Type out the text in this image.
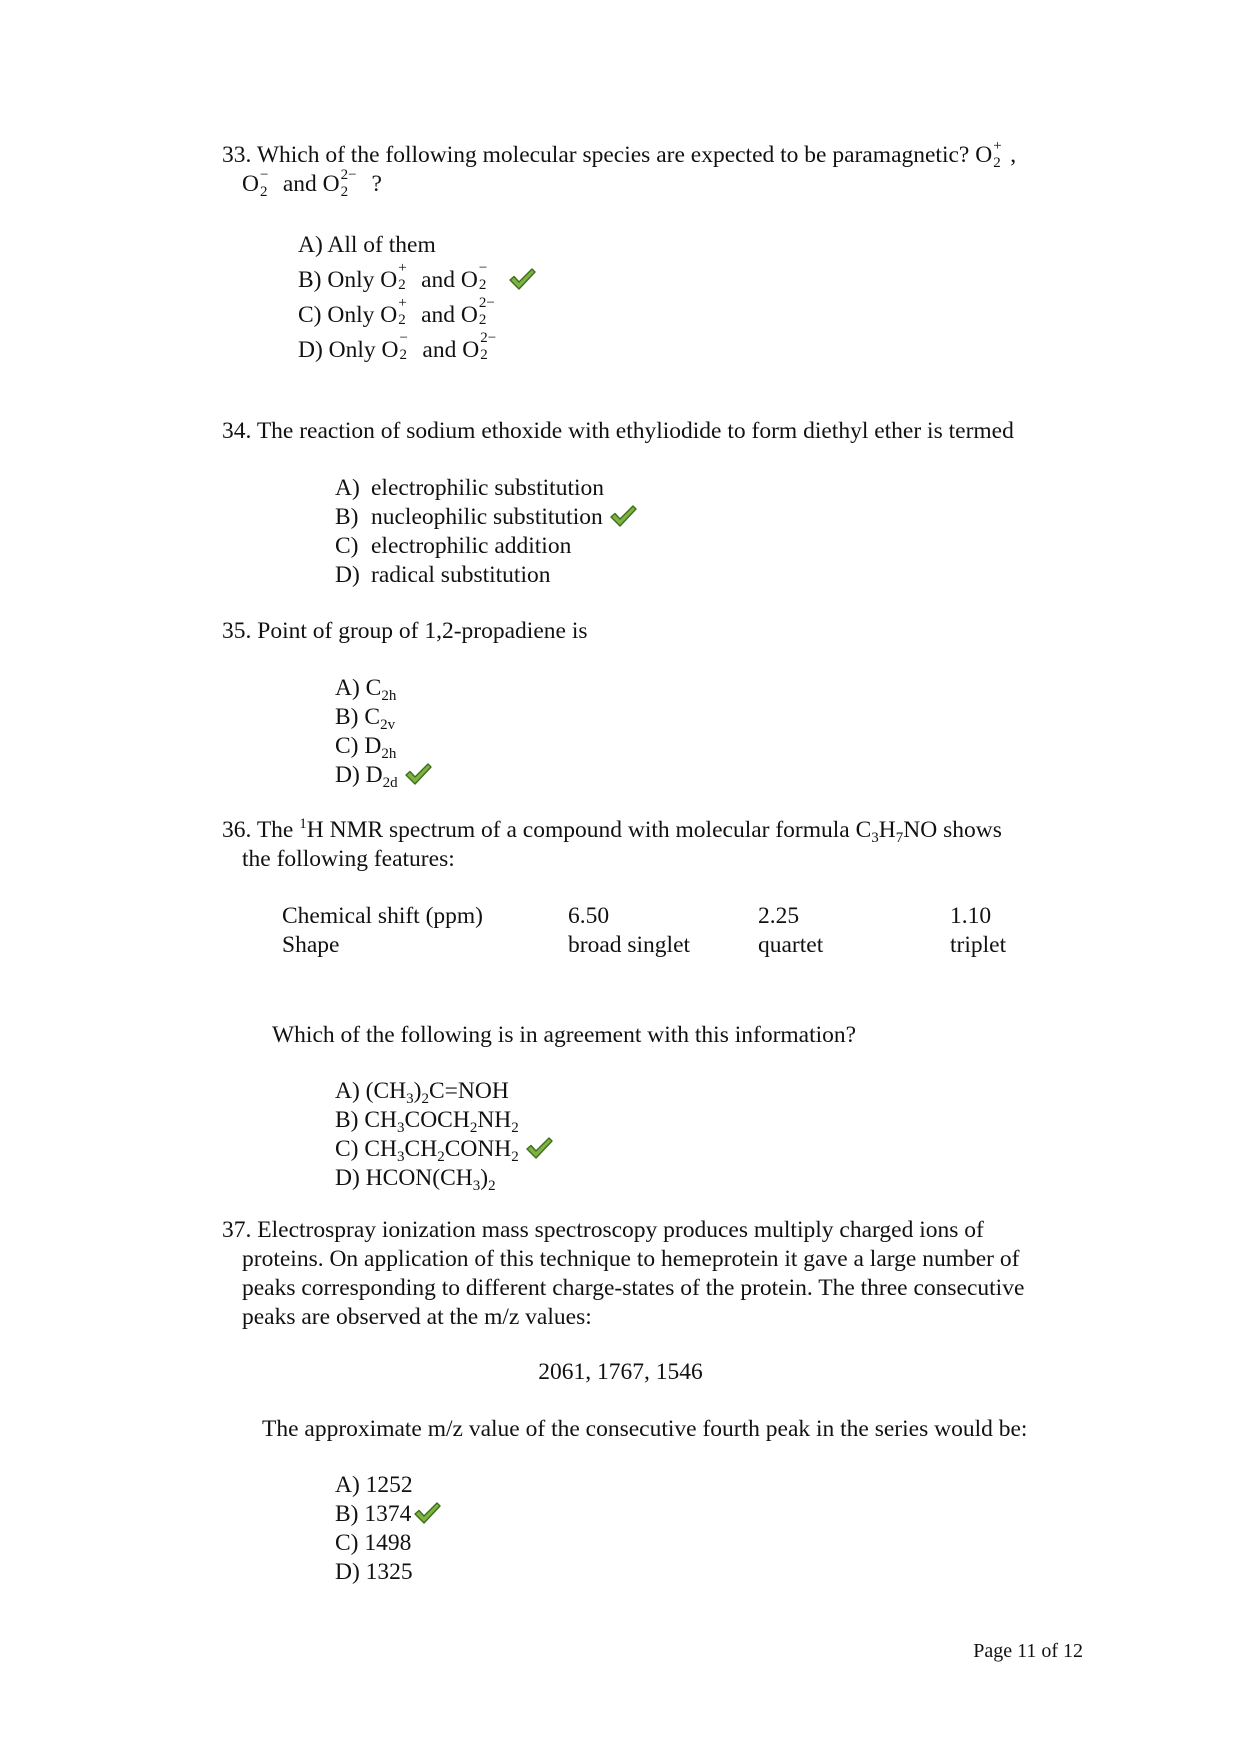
33. Which of the following molecular species are expected to be paramagnetic? O +
2 ,
O −
2 and O 2−
2 ?
A) All of them
B) Only O +
2 and O −
2

C) Only O +
2 and O 2−
2
D) Only O −
2 and O 2−
2
34. The reaction of sodium ethoxide with ethyliodide to form diethyl ether is termed
A) electrophilic substitution
B) nucleophilic substitution
C) electrophilic addition
D) radical substitution
35. Point of group of 1,2-propadiene is
A) $C_{2h}$
B) $C_{2v}$
C) $D_{2h}$
D) $D_{2d}$
36. The $^1$H NMR spectrum of a compound with molecular formula $C_3H_7NO$ shows
the following features:
Chemical shift (ppm)	6.50	2.25	1.10
Shape	broad singlet	quartet	triplet
Which of the following is in agreement with this information?
A) $(CH_3)_2C=NOH$
B) $CH_3COCH_2NH_2$
C) $CH_3CH_2CONH_2$
D) $HCON(CH_3)_2$
37. Electrospray ionization mass spectroscopy produces multiply charged ions of
proteins. On application of this technique to hemeprotein it gave a large number of
peaks corresponding to different charge-states of the protein. The three consecutive
peaks are observed at the m/z values:
2061, 1767, 1546
The approximate m/z value of the consecutive fourth peak in the series would be:
A) 1252
B) 1374
C) 1498
D) 1325
Page 11 of 12
